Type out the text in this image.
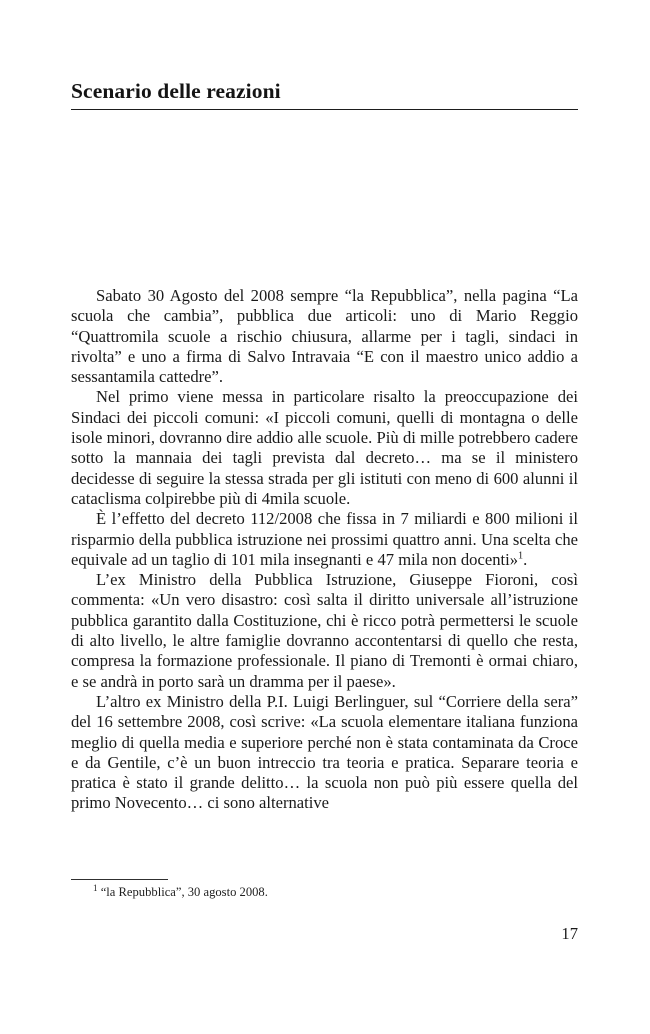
Scenario delle reazioni

Sabato 30 Agosto del 2008 sempre “la Repubblica”, nella pagina “La scuola che cambia”, pubblica due articoli: uno di Mario Reggio “Quattromila scuole a rischio chiusura, allarme per i tagli, sindaci in rivolta” e uno a firma di Salvo Intravaia “E con il maestro unico addio a sessantamila cattedre”.

Nel primo viene messa in particolare risalto la preoccupazione dei Sindaci dei piccoli comuni: «I piccoli comuni, quelli di montagna o delle isole minori, dovranno dire addio alle scuole. Più di mille potrebbero cadere sotto la mannaia dei tagli prevista dal decreto… ma se il ministero decidesse di seguire la stessa strada per gli istituti con meno di 600 alunni il cataclisma colpirebbe più di 4mila scuole.

È l’effetto del decreto 112/2008 che fissa in 7 miliardi e 800 milioni il risparmio della pubblica istruzione nei prossimi quattro anni. Una scelta che equivale ad un taglio di 101 mila insegnanti e 47 mila non docenti»$^1$.

L’ex Ministro della Pubblica Istruzione, Giuseppe Fioroni, così commenta: «Un vero disastro: così salta il diritto universale all’istruzione pubblica garantito dalla Costituzione, chi è ricco potrà permettersi le scuole di alto livello, le altre famiglie dovranno accontentarsi di quello che resta, compresa la formazione professionale. Il piano di Tremonti è ormai chiaro, e se andrà in porto sarà un dramma per il paese».

L’altro ex Ministro della P.I. Luigi Berlinguer, sul “Corriere della sera” del 16 settembre 2008, così scrive: «La scuola elementare italiana funziona meglio di quella media e superiore perché non è stata contaminata da Croce e da Gentile, c’è un buon intreccio tra teoria e pratica. Separare teoria e pratica è stato il grande delitto… la scuola non può più essere quella del primo Novecento… ci sono alternative

$^1$ “la Repubblica”, 30 agosto 2008.

17
